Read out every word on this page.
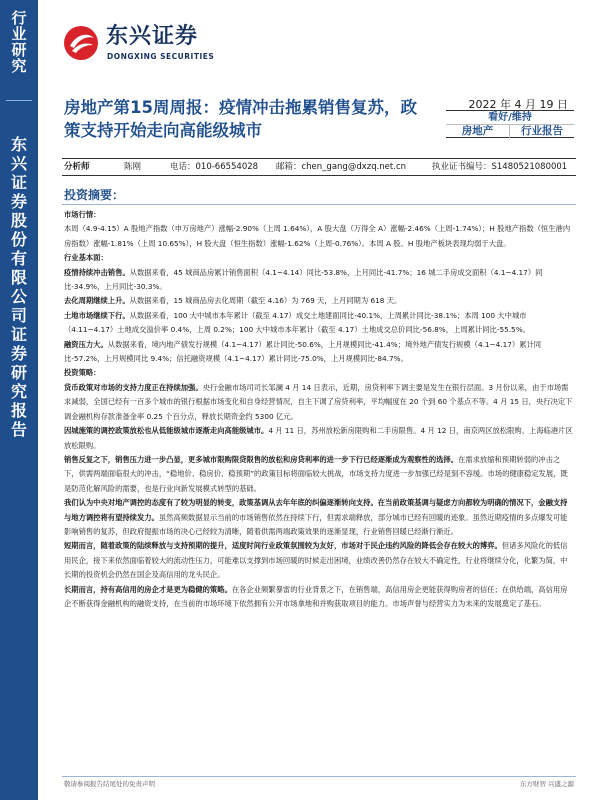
行业研究
东兴证券股份有限公司证券研究报告
东兴证券
DONGXING SECURITIES
房地产第15周周报：疫情冲击拖累销售复苏，政策支持开始走向高能级城市
2022 年 4 月 19 日
看好/维持
房地产	行业报告
分析师	陈刚	电话：010-66554028 邮箱：chen_gang@dxzq.net.cn	执业证书编号：S1480521080001
投资摘要：

市场行情：

本周（4.9-4.15）A 股地产指数（申万房地产）涨幅-2.90%（上周 1.64%），A 股大盘（万得全 A）涨幅-2.46%（上周-1.74%）；H 股地产指数（恒生港内房指数）涨幅-1.81%（上周 10.65%），H 股大盘（恒生指数）涨幅-1.62%（上周-0.76%）。本周 A 股、H 股地产板块表现均弱于大盘。

行业基本面：

疫情持续冲击销售。从数据来看，45 城商品房累计销售面积（4.1~4.14）同比-53.8%，上月同比-41.7%；16 城二手房成交面积（4.1~4.17）同比-34.9%，上月同比-30.3%。

去化周期继续上升。从数据来看，15 城商品房去化周期（截至 4.16）为 769 天，上月同期为 618 天。

土地市场继续下行。从数据来看，100 大中城市本年累计（截至 4.17）成交土地建面同比-40.1%，上周累计同比-38.1%；本周 100 大中城市（4.11~4.17）土地成交溢价率 0.4%，上周 0.2%；100 大中城市本年累计（截至 4.17）土地成交总价同比-56.8%，上周累计同比-55.5%。

融资压力大。从数据来看，境内地产债发行规模（4.1~4.17）累计同比-50.6%，上月规模同比-41.4%；境外地产债发行规模（4.1~4.17）累计同比-57.2%，上月规模同比 9.4%；信托融资规模（4.1~4.17）累计同比-75.0%，上月规模同比-84.7%。

投资策略：

货币政策对市场的支持力度正在持续加强。央行金融市场司司长邹澜 4 月 14 日表示，近期，房贷利率下调主要是发生在银行层面。3 月份以来，由于市场需求减弱，全国已经有一百多个城市的银行根据市场变化和自身经营情况，自主下调了房贷利率，平均幅度在 20 个到 60 个基点不等。4 月 15 日，央行决定下调金融机构存款准备金率 0.25 个百分点，释放长期资金约 5300 亿元。

因城施策的调控政策放松也从低能级城市逐渐走向高能级城市。4 月 11 日，苏州放松新房限购和二手房限售。4 月 12 日，南京两区放松限购、上海临港片区放松限购。

销售反复之下，销售压力进一步凸显，更多城市限购限贷限售的放松和房贷利率的进一步下行已经逐渐成为观察性的选择。在需求放缩和预期转弱的冲击之下，供需两端面临很大的冲击，“稳地价、稳房价、稳预期”的政策目标将面临较大挑战，市场支持力度进一步加强已经是刻不容缓。市场的健康稳定发展，既是防范化解风险的需要，也是行业向新发展模式转型的基础。

我们认为中央对地产调控的态度有了较为明显的转变，政策基调从去年年底的纠偏逐渐转向支持。在当前政策基调与疑虑方向都较为明确的情况下，金融支持与地方调控将有望持续发力。虽然高频数据显示当前的市场销售依然在持续下行，但需求端释放，部分城市已经有回暖的迹象。虽然近期疫情的多点爆发可能影响销售的复苏，但政府提振市场的决心已经较为清晰，随着供需两端政策效果的逐渐显现，行业销售回暖已经渐行渐近。

短期而言，随着政策的陆续释放与支持预期的提升，适度时间行业政策氛围较为友好，市场对于民企违约风险的降低会存在较大的博弈。但诸多风险化的低信用民企，接下来依然面临着较大的流动性压力，可能难以支撑到市场回暖的时候走出困境，业绩改善仍然存在较大不确定性，行业将继续分化，化繁为简，中长期的投资机会仍然在国企及高信用的龙头民企。

长期而言，持有高信用的房企才是更为稳健的策略。在各企业频繁暴雷的行业背景之下，在销售端，高信用房企更能获得购房者的信任；在供给端，高信用房企不断获得金融机构的融资支持，在当前的市场环境下依然拥有公开市场拿地和并购获取项目的能力。市场声誉与经营实力为未来的发展奠定了基石。

敬请参阅报告结尾处的免责声明	东方财智 兴盛之源
